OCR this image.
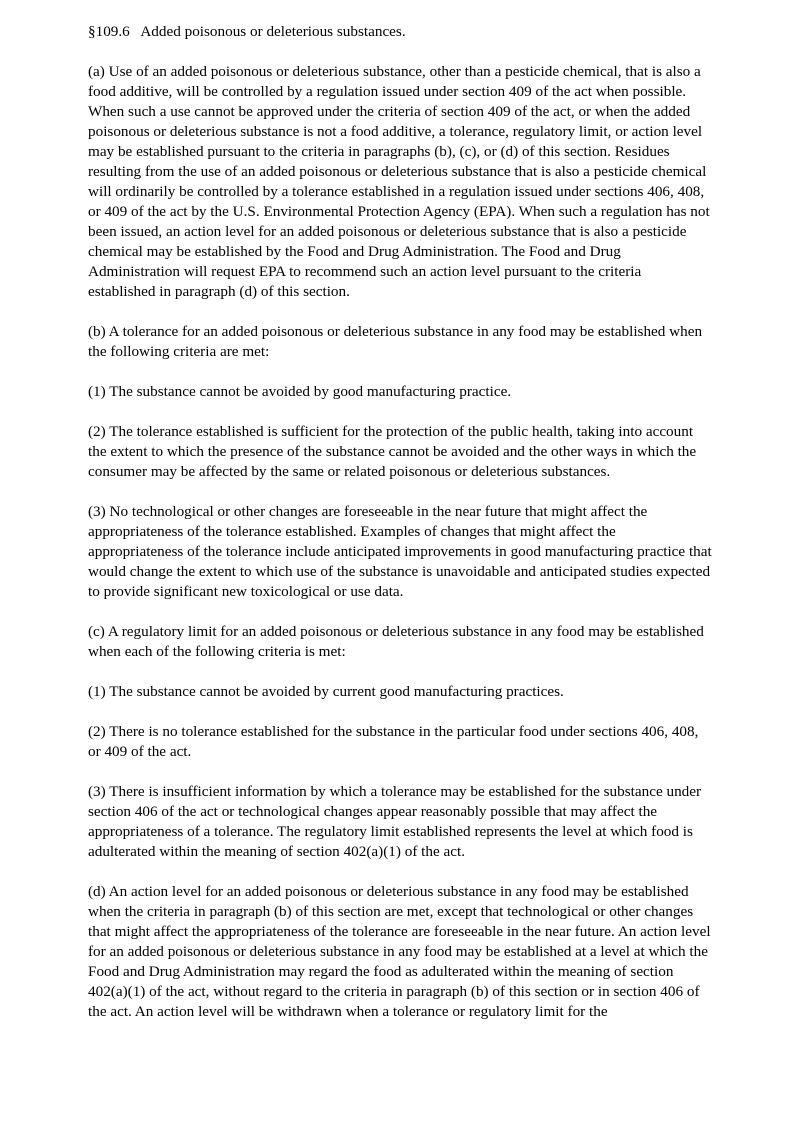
§109.6   Added poisonous or deleterious substances.

(a) Use of an added poisonous or deleterious substance, other than a pesticide chemical, that is also a food additive, will be controlled by a regulation issued under section 409 of the act when possible. When such a use cannot be approved under the criteria of section 409 of the act, or when the added poisonous or deleterious substance is not a food additive, a tolerance, regulatory limit, or action level may be established pursuant to the criteria in paragraphs (b), (c), or (d) of this section. Residues resulting from the use of an added poisonous or deleterious substance that is also a pesticide chemical will ordinarily be controlled by a tolerance established in a regulation issued under sections 406, 408, or 409 of the act by the U.S. Environmental Protection Agency (EPA). When such a regulation has not been issued, an action level for an added poisonous or deleterious substance that is also a pesticide chemical may be established by the Food and Drug Administration. The Food and Drug Administration will request EPA to recommend such an action level pursuant to the criteria established in paragraph (d) of this section.

(b) A tolerance for an added poisonous or deleterious substance in any food may be established when the following criteria are met:

(1) The substance cannot be avoided by good manufacturing practice.

(2) The tolerance established is sufficient for the protection of the public health, taking into account the extent to which the presence of the substance cannot be avoided and the other ways in which the consumer may be affected by the same or related poisonous or deleterious substances.

(3) No technological or other changes are foreseeable in the near future that might affect the appropriateness of the tolerance established. Examples of changes that might affect the appropriateness of the tolerance include anticipated improvements in good manufacturing practice that would change the extent to which use of the substance is unavoidable and anticipated studies expected to provide significant new toxicological or use data.

(c) A regulatory limit for an added poisonous or deleterious substance in any food may be established when each of the following criteria is met:

(1) The substance cannot be avoided by current good manufacturing practices.

(2) There is no tolerance established for the substance in the particular food under sections 406, 408, or 409 of the act.

(3) There is insufficient information by which a tolerance may be established for the substance under section 406 of the act or technological changes appear reasonably possible that may affect the appropriateness of a tolerance. The regulatory limit established represents the level at which food is adulterated within the meaning of section 402(a)(1) of the act.

(d) An action level for an added poisonous or deleterious substance in any food may be established when the criteria in paragraph (b) of this section are met, except that technological or other changes that might affect the appropriateness of the tolerance are foreseeable in the near future. An action level for an added poisonous or deleterious substance in any food may be established at a level at which the Food and Drug Administration may regard the food as adulterated within the meaning of section 402(a)(1) of the act, without regard to the criteria in paragraph (b) of this section or in section 406 of the act. An action level will be withdrawn when a tolerance or regulatory limit for the
